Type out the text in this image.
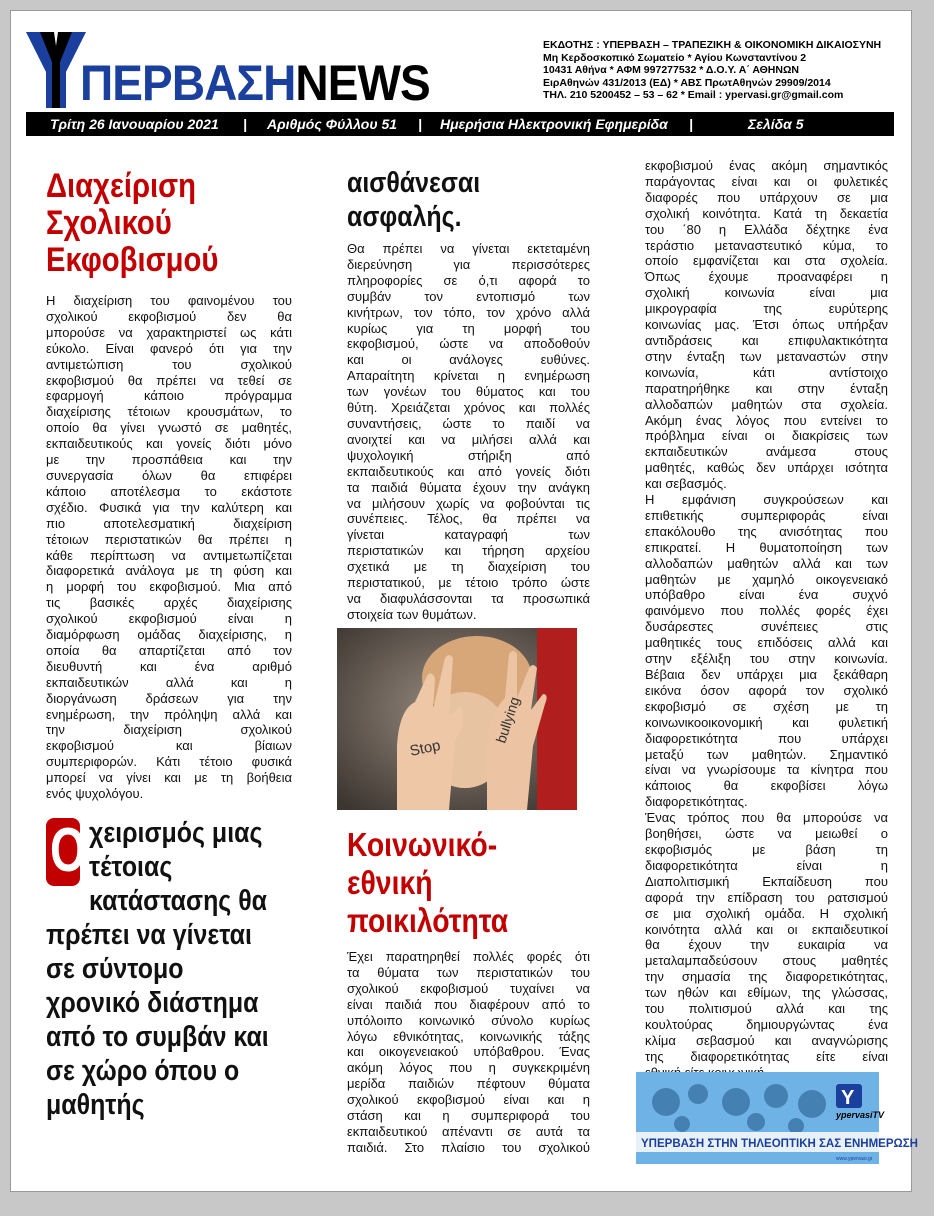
ΠΕΡΒΑΣΗNEWS
ΕΚΔΟΤΗΣ : ΥΠΕΡΒΑΣΗ – ΤΡΑΠΕΖΙΚΗ & ΟΙΚΟΝΟΜΙΚΗ ΔΙΚΑΙΟΣΥΝΗ
Μη Κερδοσκοπικό Σωματείο * Αγίου Κωνσταντίνου 2
10431 Αθήνα * ΑΦΜ 997277532 * Δ.Ο.Υ. Α΄ ΑΘΗΝΩΝ
ΕιρΑθηνών 431/2013 (ΕΔ) * ΑΒΣ ΠρωτΑθηνών 29909/2014
ΤΗΛ. 210 5200452 – 53 – 62 * Email : ypervasi.gr@gmail.com
Τρίτη 26 Ιανουαρίου 2021 | Αριθμός Φύλλου 51 | Ημερήσια Ηλεκτρονική Εφημερίδα |	Σελίδα 5
Διαχείριση
Σχολικού
Εκφοβισμού

Η διαχείριση του φαινομένου του

σχολικού εκφοβισμού δεν θα

μπορούσε να χαρακτηριστεί ως κάτι

εύκολο. Είναι φανερό ότι για την

αντιμετώπιση του σχολικού

εκφοβισμού θα πρέπει να τεθεί σε

εφαρμογή κάποιο πρόγραμμα

διαχείρισης τέτοιων κρουσμάτων, το

οποίο θα γίνει γνωστό σε μαθητές,

εκπαιδευτικούς και γονείς διότι μόνο

με την προσπάθεια και την

συνεργασία όλων θα επιφέρει

κάποιο αποτέλεσμα το εκάστοτε

σχέδιο. Φυσικά για την καλύτερη και

πιο αποτελεσματική διαχείριση

τέτοιων περιστατικών θα πρέπει η

κάθε περίπτωση να αντιμετωπίζεται

διαφορετικά ανάλογα με τη φύση και

η μορφή του εκφοβισμού. Μια από

τις βασικές αρχές διαχείρισης

σχολικού εκφοβισμού είναι η

διαμόρφωση ομάδας διαχείρισης, η

οποία θα απαρτίζεται από τον

διευθυντή και ένα αριθμό

εκπαιδευτικών αλλά και η

διοργάνωση δράσεων για την

ενημέρωση, την πρόληψη αλλά και

την διαχείριση σχολικού

εκφοβισμού και βίαιων

συμπεριφορών. Κάτι τέτοιο φυσικά

μπορεί να γίνει και με τη βοήθεια

ενός ψυχολόγου.

Ο χειρισμός μιας
τέτοιας
κατάστασης θα
πρέπει να γίνεται
σε σύντομο
χρονικό διάστημα
από το συμβάν και
σε χώρο όπου ο
μαθητής
αισθάνεσαι
ασφαλής.

Θα πρέπει να γίνεται εκτεταμένη

διερεύνηση για περισσότερες

πληροφορίες σε ό,τι αφορά το

συμβάν τον εντοπισμό των

κινήτρων, τον τόπο, τον χρόνο αλλά

κυρίως για τη μορφή του

εκφοβισμού, ώστε να αποδοθούν

και οι ανάλογες ευθύνες.

Απαραίτητη κρίνεται η ενημέρωση

των γονέων του θύματος και του

θύτη. Χρειάζεται χρόνος και πολλές

συναντήσεις, ώστε το παιδί να

ανοιχτεί και να μιλήσει αλλά και

ψυχολογική στήριξη από

εκπαιδευτικούς και από γονείς διότι

τα παιδιά θύματα έχουν την ανάγκη

να μιλήσουν χωρίς να φοβούνται τις

συνέπειες. Τέλος, θα πρέπει να

γίνεται καταγραφή των

περιστατικών και τήρηση αρχείου

σχετικά με τη διαχείριση του

περιστατικού, με τέτοιο τρόπο ώστε

να διαφυλάσσονται τα προσωπικά

στοιχεία των θυμάτων.

Stop
bullying
Κοινωνικό-
εθνική
ποικιλότητα

Έχει παρατηρηθεί πολλές φορές ότι

τα θύματα των περιστατικών του

σχολικού εκφοβισμού τυχαίνει να

είναι παιδιά που διαφέρουν από το

υπόλοιπο κοινωνικό σύνολο κυρίως

λόγω εθνικότητας, κοινωνικής τάξης

και οικογενειακού υπόβαθρου. Ένας

ακόμη λόγος που η συγκεκριμένη

μερίδα παιδιών πέφτουν θύματα

σχολικού εκφοβισμού είναι και η

στάση και η συμπεριφορά του

εκπαιδευτικού απέναντι σε αυτά τα

παιδιά. Στο πλαίσιο του σχολικού

εκφοβισμού ένας ακόμη σημαντικός

παράγοντας είναι και οι φυλετικές

διαφορές που υπάρχουν σε μια

σχολική κοινότητα. Κατά τη δεκαετία

του ΄80 η Ελλάδα δέχτηκε ένα

τεράστιο μεταναστευτικό κύμα, το

οποίο εμφανίζεται και στα σχολεία.

Όπως έχουμε προαναφέρει η

σχολική κοινωνία είναι μια

μικρογραφία της ευρύτερης

κοινωνίας μας. Έτσι όπως υπήρξαν

αντιδράσεις και επιφυλακτικότητα

στην ένταξη των μεταναστών στην

κοινωνία, κάτι αντίστοιχο

παρατηρήθηκε και στην ένταξη

αλλοδαπών μαθητών στα σχολεία.

Ακόμη ένας λόγος που εντείνει το

πρόβλημα είναι οι διακρίσεις των

εκπαιδευτικών ανάμεσα στους

μαθητές, καθώς δεν υπάρχει ισότητα

και σεβασμός.

Η εμφάνιση συγκρούσεων και

επιθετικής συμπεριφοράς είναι

επακόλουθο της ανισότητας που

επικρατεί. Η θυματοποίηση των

αλλοδαπών μαθητών αλλά και των

μαθητών με χαμηλό οικογενειακό

υπόβαθρο είναι ένα συχνό

φαινόμενο που πολλές φορές έχει

δυσάρεστες συνέπειες στις

μαθητικές τους επιδόσεις αλλά και

στην εξέλιξη του στην κοινωνία.

Βέβαια δεν υπάρχει μια ξεκάθαρη

εικόνα όσον αφορά τον σχολικό

εκφοβισμό σε σχέση με τη

κοινωνικοοικονομική και φυλετική

διαφορετικότητα που υπάρχει

μεταξύ των μαθητών. Σημαντικό

είναι να γνωρίσουμε τα κίνητρα που

κάποιος θα εκφοβίσει λόγω

διαφορετικότητας.

Ένας τρόπος που θα μπορούσε να

βοηθήσει, ώστε να μειωθεί ο

εκφοβισμός με βάση τη

διαφορετικότητα είναι η

Διαπολιτισμική Εκπαίδευση που

αφορά την επίδραση του ρατσισμού

σε μια σχολική ομάδα. Η σχολική

κοινότητα αλλά και οι εκπαιδευτικοί

θα έχουν την ευκαιρία να

μεταλαμπαδεύσουν στους μαθητές

την σημασία της διαφορετικότητας,

των ηθών και εθίμων, της γλώσσας,

του πολιτισμού αλλά και της

κουλτούρας δημιουργώντας ένα

κλίμα σεβασμού και αναγνώρισης

της διαφορετικότητας είτε είναι

Y
ypervasiTV
ΥΠΕΡΒΑΣΗ ΣΤΗΝ ΤΗΛΕΟΠΤΙΚΗ ΣΑΣ ΕΝΗΜΕΡΩΣΗ
www.ypervasi.gr
